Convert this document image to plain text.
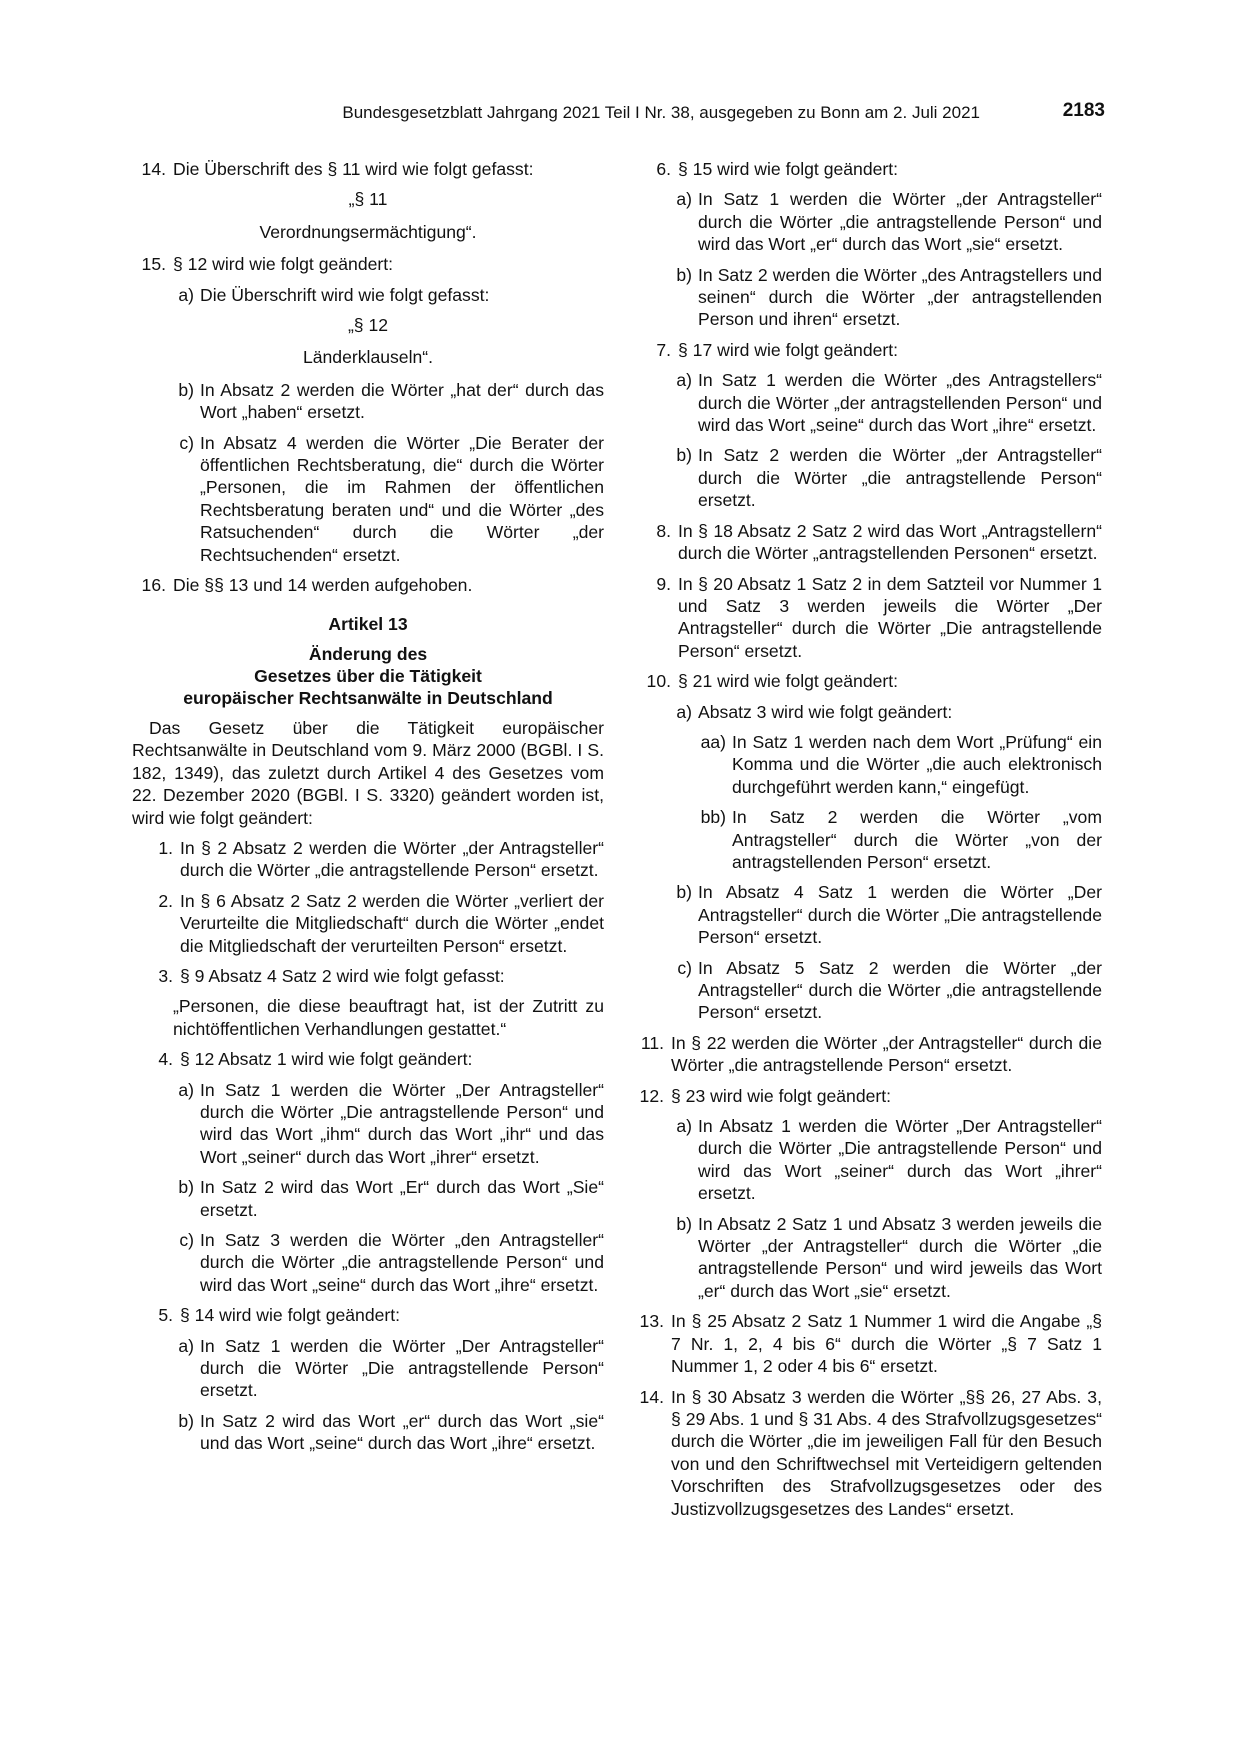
Bundesgesetzblatt Jahrgang 2021 Teil I Nr. 38, ausgegeben zu Bonn am 2. Juli 2021	2183
14. Die Überschrift des § 11 wird wie folgt gefasst:
„§ 11
Verordnungsermächtigung“.
15. § 12 wird wie folgt geändert:
a) Die Überschrift wird wie folgt gefasst:
„§ 12
Länderklauseln“.
b) In Absatz 2 werden die Wörter „hat der“ durch das Wort „haben“ ersetzt.
c) In Absatz 4 werden die Wörter „Die Berater der öffentlichen Rechtsberatung, die“ durch die Wörter „Personen, die im Rahmen der öffentlichen Rechtsberatung beraten und“ und die Wörter „des Ratsuchenden“ durch die Wörter „der Rechtsuchenden“ ersetzt.
16. Die §§ 13 und 14 werden aufgehoben.
Artikel 13
Änderung des
Gesetzes über die Tätigkeit
europäischer Rechtsanwälte in Deutschland
Das Gesetz über die Tätigkeit europäischer Rechtsanwälte in Deutschland vom 9. März 2000 (BGBl. I S. 182, 1349), das zuletzt durch Artikel 4 des Gesetzes vom 22. Dezember 2020 (BGBl. I S. 3320) geändert worden ist, wird wie folgt geändert:
1. In § 2 Absatz 2 werden die Wörter „der Antragsteller“ durch die Wörter „die antragstellende Person“ ersetzt.
2. In § 6 Absatz 2 Satz 2 werden die Wörter „verliert der Verurteilte die Mitgliedschaft“ durch die Wörter „endet die Mitgliedschaft der verurteilten Person“ ersetzt.
3. § 9 Absatz 4 Satz 2 wird wie folgt gefasst:
„Personen, die diese beauftragt hat, ist der Zutritt zu nichtöffentlichen Verhandlungen gestattet.“
4. § 12 Absatz 1 wird wie folgt geändert:
a) In Satz 1 werden die Wörter „Der Antragsteller“ durch die Wörter „Die antragstellende Person“ und wird das Wort „ihm“ durch das Wort „ihr“ und das Wort „seiner“ durch das Wort „ihrer“ ersetzt.
b) In Satz 2 wird das Wort „Er“ durch das Wort „Sie“ ersetzt.
c) In Satz 3 werden die Wörter „den Antragsteller“ durch die Wörter „die antragstellende Person“ und wird das Wort „seine“ durch das Wort „ihre“ ersetzt.
5. § 14 wird wie folgt geändert:
a) In Satz 1 werden die Wörter „Der Antragsteller“ durch die Wörter „Die antragstellende Person“ ersetzt.
b) In Satz 2 wird das Wort „er“ durch das Wort „sie“ und das Wort „seine“ durch das Wort „ihre“ ersetzt.
6. § 15 wird wie folgt geändert:
a) In Satz 1 werden die Wörter „der Antragsteller“ durch die Wörter „die antragstellende Person“ und wird das Wort „er“ durch das Wort „sie“ ersetzt.
b) In Satz 2 werden die Wörter „des Antragstellers und seinen“ durch die Wörter „der antragstellenden Person und ihren“ ersetzt.
7. § 17 wird wie folgt geändert:
a) In Satz 1 werden die Wörter „des Antragstellers“ durch die Wörter „der antragstellenden Person“ und wird das Wort „seine“ durch das Wort „ihre“ ersetzt.
b) In Satz 2 werden die Wörter „der Antragsteller“ durch die Wörter „die antragstellende Person“ ersetzt.
8. In § 18 Absatz 2 Satz 2 wird das Wort „Antragstellern“ durch die Wörter „antragstellenden Personen“ ersetzt.
9. In § 20 Absatz 1 Satz 2 in dem Satzteil vor Nummer 1 und Satz 3 werden jeweils die Wörter „Der Antragsteller“ durch die Wörter „Die antragstellende Person“ ersetzt.
10. § 21 wird wie folgt geändert:
a) Absatz 3 wird wie folgt geändert:
aa) In Satz 1 werden nach dem Wort „Prüfung“ ein Komma und die Wörter „die auch elektronisch durchgeführt werden kann,“ eingefügt.
bb) In Satz 2 werden die Wörter „vom Antragsteller“ durch die Wörter „von der antragstellenden Person“ ersetzt.
b) In Absatz 4 Satz 1 werden die Wörter „Der Antragsteller“ durch die Wörter „Die antragstellende Person“ ersetzt.
c) In Absatz 5 Satz 2 werden die Wörter „der Antragsteller“ durch die Wörter „die antragstellende Person“ ersetzt.
11. In § 22 werden die Wörter „der Antragsteller“ durch die Wörter „die antragstellende Person“ ersetzt.
12. § 23 wird wie folgt geändert:
a) In Absatz 1 werden die Wörter „Der Antragsteller“ durch die Wörter „Die antragstellende Person“ und wird das Wort „seiner“ durch das Wort „ihrer“ ersetzt.
b) In Absatz 2 Satz 1 und Absatz 3 werden jeweils die Wörter „der Antragsteller“ durch die Wörter „die antragstellende Person“ und wird jeweils das Wort „er“ durch das Wort „sie“ ersetzt.
13. In § 25 Absatz 2 Satz 1 Nummer 1 wird die Angabe „§ 7 Nr. 1, 2, 4 bis 6“ durch die Wörter „§ 7 Satz 1 Nummer 1, 2 oder 4 bis 6“ ersetzt.
14. In § 30 Absatz 3 werden die Wörter „§§ 26, 27 Abs. 3, § 29 Abs. 1 und § 31 Abs. 4 des Strafvollzugsgesetzes“ durch die Wörter „die im jeweiligen Fall für den Besuch von und den Schriftwechsel mit Verteidigern geltenden Vorschriften des Strafvollzugsgesetzes oder des Justizvollzugsgesetzes des Landes“ ersetzt.
